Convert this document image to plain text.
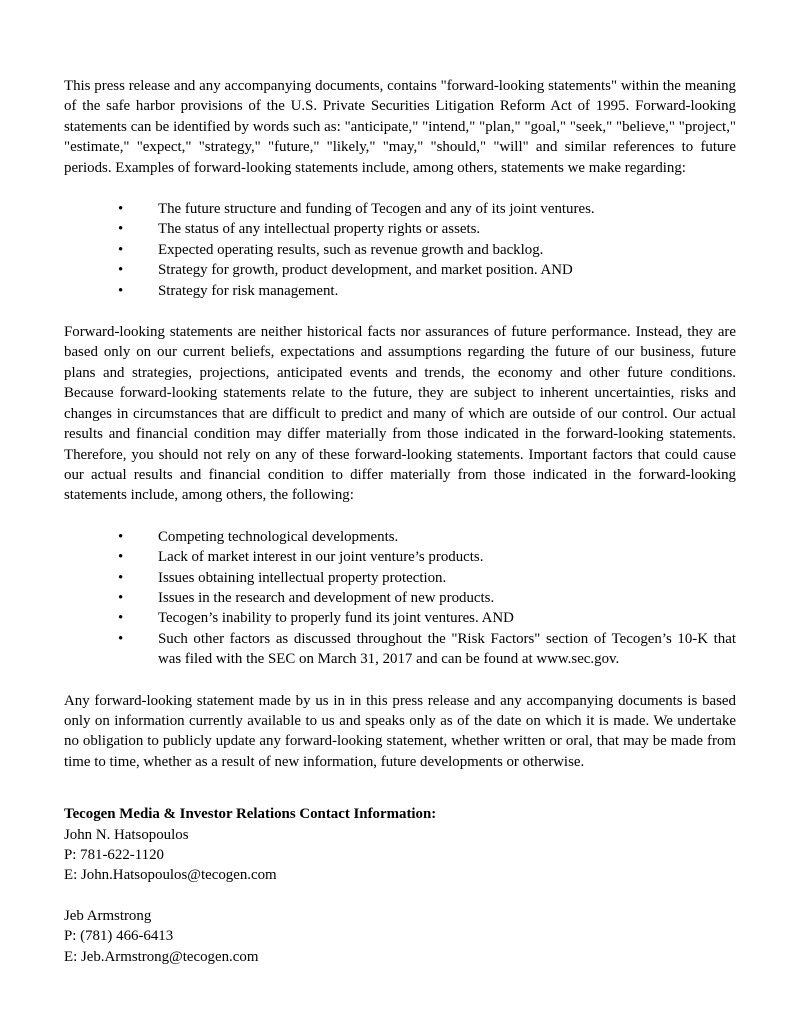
This press release and any accompanying documents, contains "forward-looking statements" within the meaning of the safe harbor provisions of the U.S. Private Securities Litigation Reform Act of 1995. Forward-looking statements can be identified by words such as: "anticipate," "intend," "plan," "goal," "seek," "believe," "project," "estimate," "expect," "strategy," "future," "likely," "may," "should," "will" and similar references to future periods. Examples of forward-looking statements include, among others, statements we make regarding:

• The future structure and funding of Tecogen and any of its joint ventures.
• The status of any intellectual property rights or assets.
• Expected operating results, such as revenue growth and backlog.
• Strategy for growth, product development, and market position. AND
• Strategy for risk management.

Forward-looking statements are neither historical facts nor assurances of future performance. Instead, they are based only on our current beliefs, expectations and assumptions regarding the future of our business, future plans and strategies, projections, anticipated events and trends, the economy and other future conditions. Because forward-looking statements relate to the future, they are subject to inherent uncertainties, risks and changes in circumstances that are difficult to predict and many of which are outside of our control. Our actual results and financial condition may differ materially from those indicated in the forward-looking statements. Therefore, you should not rely on any of these forward-looking statements. Important factors that could cause our actual results and financial condition to differ materially from those indicated in the forward-looking statements include, among others, the following:

• Competing technological developments.
• Lack of market interest in our joint venture’s products.
• Issues obtaining intellectual property protection.
• Issues in the research and development of new products.
• Tecogen’s inability to properly fund its joint ventures. AND
• Such other factors as discussed throughout the "Risk Factors" section of Tecogen’s 10-K that was filed with the SEC on March 31, 2017 and can be found at www.sec.gov.

Any forward-looking statement made by us in in this press release and any accompanying documents is based only on information currently available to us and speaks only as of the date on which it is made. We undertake no obligation to publicly update any forward-looking statement, whether written or oral, that may be made from time to time, whether as a result of new information, future developments or otherwise.

Tecogen Media & Investor Relations Contact Information:

John N. Hatsopoulos

P: 781-622-1120

E: John.Hatsopoulos@tecogen.com

Jeb Armstrong

P: (781) 466-6413

E: Jeb.Armstrong@tecogen.com
